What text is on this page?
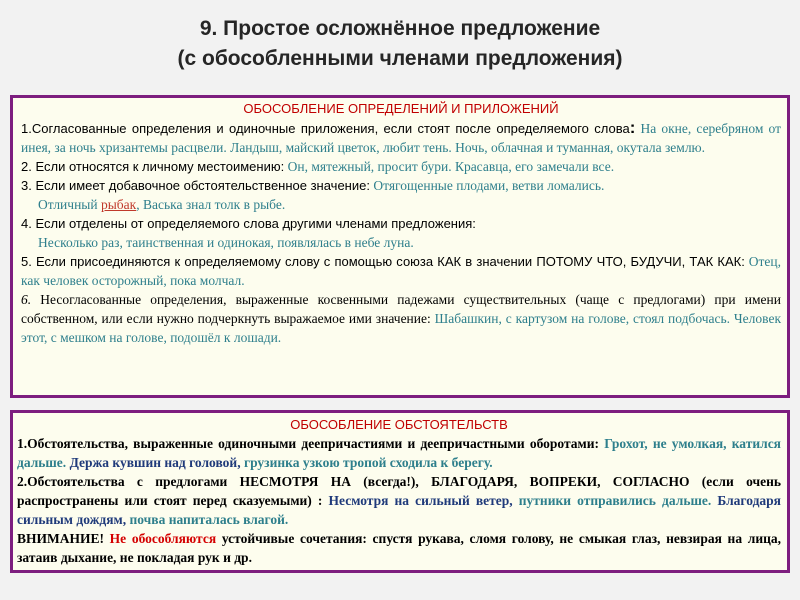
9. Простое осложнённое предложение
(с обособленными членами предложения)
ОБОСОБЛЕНИЕ ОПРЕДЕЛЕНИЙ И ПРИЛОЖЕНИЙ

1.Согласованные определения и одиночные приложения, если стоят после определяемого слова: На окне, серебряном от инея, за ночь хризантемы расцвели. Ландыш, майский цветок, любит тень. Ночь, облачная и туманная, окутала землю.

2. Если относятся к личному местоимению: Он, мятежный, просит бури. Красавца, его замечали все.

3. Если имеет добавочное обстоятельственное значение: Отягощенные плодами, ветви ломались.

Отличный рыбак, Васька знал толк в рыбе.

4. Если отделены от определяемого слова другими членами предложения:

Несколько раз, таинственная и одинокая, появлялась в небе луна.

5. Если присоединяются к определяемому слову с помощью союза КАК в значении ПОТОМУ ЧТО, БУДУЧИ, ТАК КАК: Отец, как человек осторожный, пока молчал.

6. Несогласованные определения, выраженные косвенными падежами существительных (чаще с предлогами) при имени собственном, или если нужно подчеркнуть выражаемое ими значение: Шабашкин, с картузом на голове, стоял подбочась. Человек этот, с мешком на голове, подошёл к лошади.

ОБОСОБЛЕНИЕ ОБСТОЯТЕЛЬСТВ

1.Обстоятельства, выраженные одиночными деепричастиями и деепричастными оборотами: Грохот, не умолкая, катился дальше. Держа кувшин над головой, грузинка узкою тропой сходила к берегу.

2.Обстоятельства с предлогами НЕСМОТРЯ НА (всегда!), БЛАГОДАРЯ, ВОПРЕКИ, СОГЛАСНО (если очень распространены или стоят перед сказуемыми) : Несмотря на сильный ветер, путники отправились дальше. Благодаря сильным дождям, почва напиталась влагой.

ВНИМАНИЕ! Не обособляются устойчивые сочетания: спустя рукава, сломя голову, не смыкая глаз, невзирая на лица, затаив дыхание, не покладая рук и др.
